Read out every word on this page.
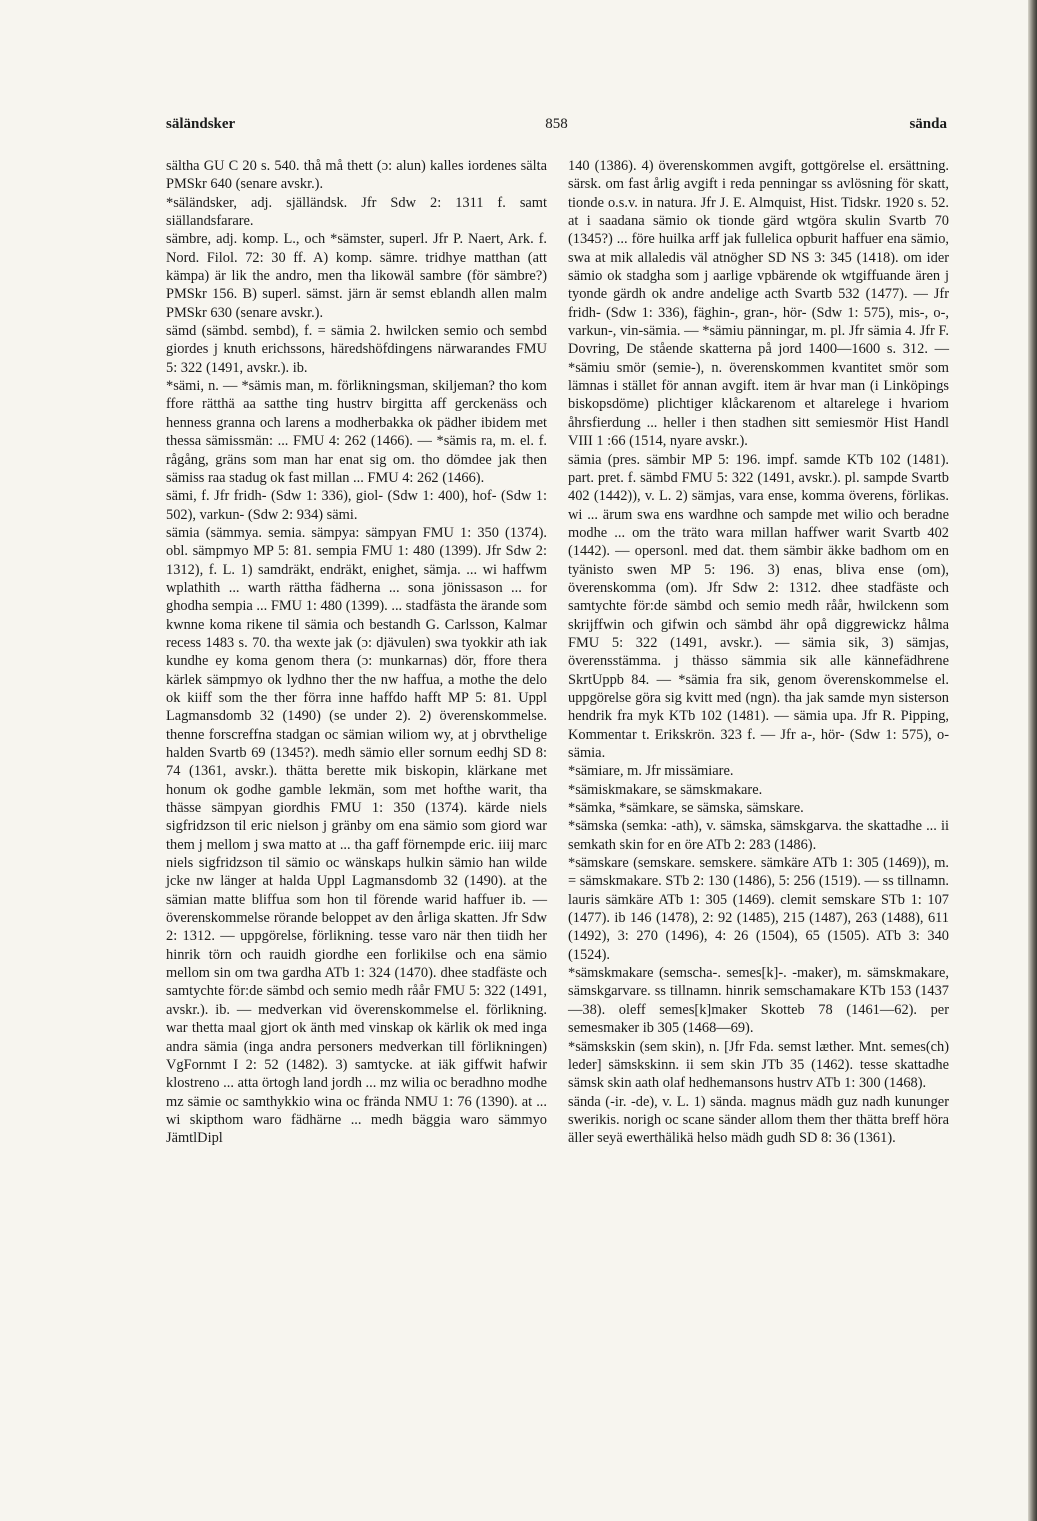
säländsker	858	sända

sältha GU C 20 s. 540. thå må thett (ɔ: alun) kalles iordenes sälta PMSkr 640 (senare avskr.).

*säländsker, adj. själländsk. Jfr Sdw 2: 1311 f. samt siällandsfarare.

sämbre, adj. komp. L., och *sämster, superl. Jfr P. Naert, Ark. f. Nord. Filol. 72: 30 ff. A) komp. sämre. tridhye matthan (att kämpa) är lik the andro, men tha likowäl sambre (för sämbre?) PMSkr 156. B) superl. sämst. järn är semst eblandh allen malm PMSkr 630 (senare avskr.).

sämd (sämbd. sembd), f. = sämia 2. hwilcken semio och sembd giordes j knuth erichssons, häredshöfdingens närwarandes FMU 5: 322 (1491, avskr.). ib.

*sämi, n. — *sämis man, m. förlikningsman, skiljeman? tho kom ffore rätthä aa satthe ting hustrv birgitta aff gerckenäss och henness granna och larens a modherbakka ok pädher ibidem met thessa sämissmän: ... FMU 4: 262 (1466). — *sämis ra, m. el. f. rågång, gräns som man har enat sig om. tho dömdee jak then sämiss raa stadug ok fast millan ... FMU 4: 262 (1466).

sämi, f. Jfr fridh- (Sdw 1: 336), giol- (Sdw 1: 400), hof- (Sdw 1: 502), varkun- (Sdw 2: 934) sämi.

sämia (sämmya. semia. sämpya: sämpyan FMU 1: 350 (1374). obl. sämpmyo MP 5: 81. sempia FMU 1: 480 (1399). Jfr Sdw 2: 1312), f. L. 1) samdräkt, endräkt, enighet, sämja. ... wi haffwm wplathith ... warth rättha fädherna ... sona jönissason ... for ghodha sempia ... FMU 1: 480 (1399). ... stadfästa the ärande som kwnne koma rikene til sämia och bestandh G. Carlsson, Kalmar recess 1483 s. 70. tha wexte jak (ɔ: djävulen) swa tyokkir ath iak kundhe ey koma genom thera (ɔ: munkarnas) dör, ffore thera kärlek sämpmyo ok lydhno ther the nw haffua, a mothe the delo ok kiiff som the ther förra inne haffdo hafft MP 5: 81. Uppl Lagmansdomb 32 (1490) (se under 2). 2) överenskommelse. thenne forscreffna stadgan oc sämian wiliom wy, at j obrvthelige halden Svartb 69 (1345?). medh sämio eller sornum eedhj SD 8: 74 (1361, avskr.). thätta berette mik biskopin, klärkane met honum ok godhe gamble lekmän, som met hofthe warit, tha thässe sämpyan giordhis FMU 1: 350 (1374). kärde niels sigfridzson til eric nielson j gränby om ena sämio som giord war them j mellom j swa matto at ... tha gaff förnempde eric. iiij marc niels sigfridzson til sämio oc wänskaps hulkin sämio han wilde jcke nw länger at halda Uppl Lagmansdomb 32 (1490). at the sämian matte bliffua som hon til förende warid haffuer ib. — överenskommelse rörande beloppet av den årliga skatten. Jfr Sdw 2: 1312. — uppgörelse, förlikning. tesse varo när then tiidh her hinrik törn och rauidh giordhe een forlikilse och ena sämio mellom sin om twa gardha ATb 1: 324 (1470). dhee stadfäste och samtychte för:de sämbd och semio medh råår FMU 5: 322 (1491, avskr.). ib. — medverkan vid överenskommelse el. förlikning. war thetta maal gjort ok änth med vinskap ok kärlik ok med inga andra sämia (inga andra personers medverkan till förlikningen) VgFornmt I 2: 52 (1482). 3) samtycke. at iäk giffwit hafwir klostreno ... atta örtogh land jordh ... mz wilia oc beradhno modhe mz sämie oc samthykkio wina oc frända NMU 1: 76 (1390). at ... wi skipthom waro fädhärne ... medh bäggia waro sämmyo JämtlDipl

140 (1386). 4) överenskommen avgift, gottgörelse el. ersättning. särsk. om fast årlig avgift i reda penningar ss avlösning för skatt, tionde o.s.v. in natura. Jfr J. E. Almquist, Hist. Tidskr. 1920 s. 52. at i saadana sämio ok tionde gärd wtgöra skulin Svartb 70 (1345?) ... före huilka arff jak fullelica opburit haffuer ena sämio, swa at mik allaledis väl atnögher SD NS 3: 345 (1418). om ider sämio ok stadgha som j aarlige vpbärende ok wtgiffuande ären j tyonde gärdh ok andre andelige acth Svartb 532 (1477). — Jfr fridh- (Sdw 1: 336), fäghin-, gran-, hör- (Sdw 1: 575), mis-, o-, varkun-, vin-sämia. — *sämiu pänningar, m. pl. Jfr sämia 4. Jfr F. Dovring, De stående skatterna på jord 1400—1600 s. 312. — *sämiu smör (semie-), n. överenskommen kvantitet smör som lämnas i stället för annan avgift. item är hvar man (i Linköpings biskopsdöme) plichtiger klåckarenom et altarelege i hvariom åhrsfierdung ... heller i then stadhen sitt semiesmör Hist Handl VIII 1 :66 (1514, nyare avskr.).

sämia (pres. sämbir MP 5: 196. impf. samde KTb 102 (1481). part. pret. f. sämbd FMU 5: 322 (1491, avskr.). pl. sampde Svartb 402 (1442)), v. L. 2) sämjas, vara ense, komma överens, förlikas. wi ... ärum swa ens wardhne och sampde met wilio och beradne modhe ... om the träto wara millan haffwer warit Svartb 402 (1442). — opersonl. med dat. them sämbir äkke badhom om en tyänisto swen MP 5: 196. 3) enas, bliva ense (om), överenskomma (om). Jfr Sdw 2: 1312. dhee stadfäste och samtychte för:de sämbd och semio medh råår, hwilckenn som skrijffwin och gifwin och sämbd ähr opå diggrewickz hålma FMU 5: 322 (1491, avskr.). — sämia sik, 3) sämjas, överensstämma. j thässo sämmia sik alle kännefädhrene SkrtUppb 84. — *sämia fra sik, genom överenskommelse el. uppgörelse göra sig kvitt med (ngn). tha jak samde myn sisterson hendrik fra myk KTb 102 (1481). — sämia upa. Jfr R. Pipping, Kommentar t. Erikskrön. 323 f. — Jfr a-, hör- (Sdw 1: 575), o-sämia.

*sämiare, m. Jfr missämiare.

*sämiskmakare, se sämskmakare.

*sämka, *sämkare, se sämska, sämskare.

*sämska (semka: -ath), v. sämska, sämskgarva. the skattadhe ... ii semkath skin for en öre ATb 2: 283 (1486).

*sämskare (semskare. semskere. sämkäre ATb 1: 305 (1469)), m. = sämskmakare. STb 2: 130 (1486), 5: 256 (1519). — ss tillnamn. lauris sämkäre ATb 1: 305 (1469). clemit semskare STb 1: 107 (1477). ib 146 (1478), 2: 92 (1485), 215 (1487), 263 (1488), 611 (1492), 3: 270 (1496), 4: 26 (1504), 65 (1505). ATb 3: 340 (1524).

*sämskmakare (semscha-. semes[k]-. -maker), m. sämskmakare, sämskgarvare. ss tillnamn. hinrik semschamakare KTb 153 (1437—38). oleff semes[k]maker Skotteb 78 (1461—62). per semesmaker ib 305 (1468—69).

*sämskskin (sem skin), n. [Jfr Fda. semst læther. Mnt. semes(ch) leder] sämskskinn. ii sem skin JTb 35 (1462). tesse skattadhe sämsk skin aath olaf hedhemansons hustrv ATb 1: 300 (1468).

sända (-ir. -de), v. L. 1) sända. magnus mädh guz nadh kununger swerikis. norigh oc scane sänder allom them ther thätta breff höra äller seyä ewerthälikä helso mädh gudh SD 8: 36 (1361).
